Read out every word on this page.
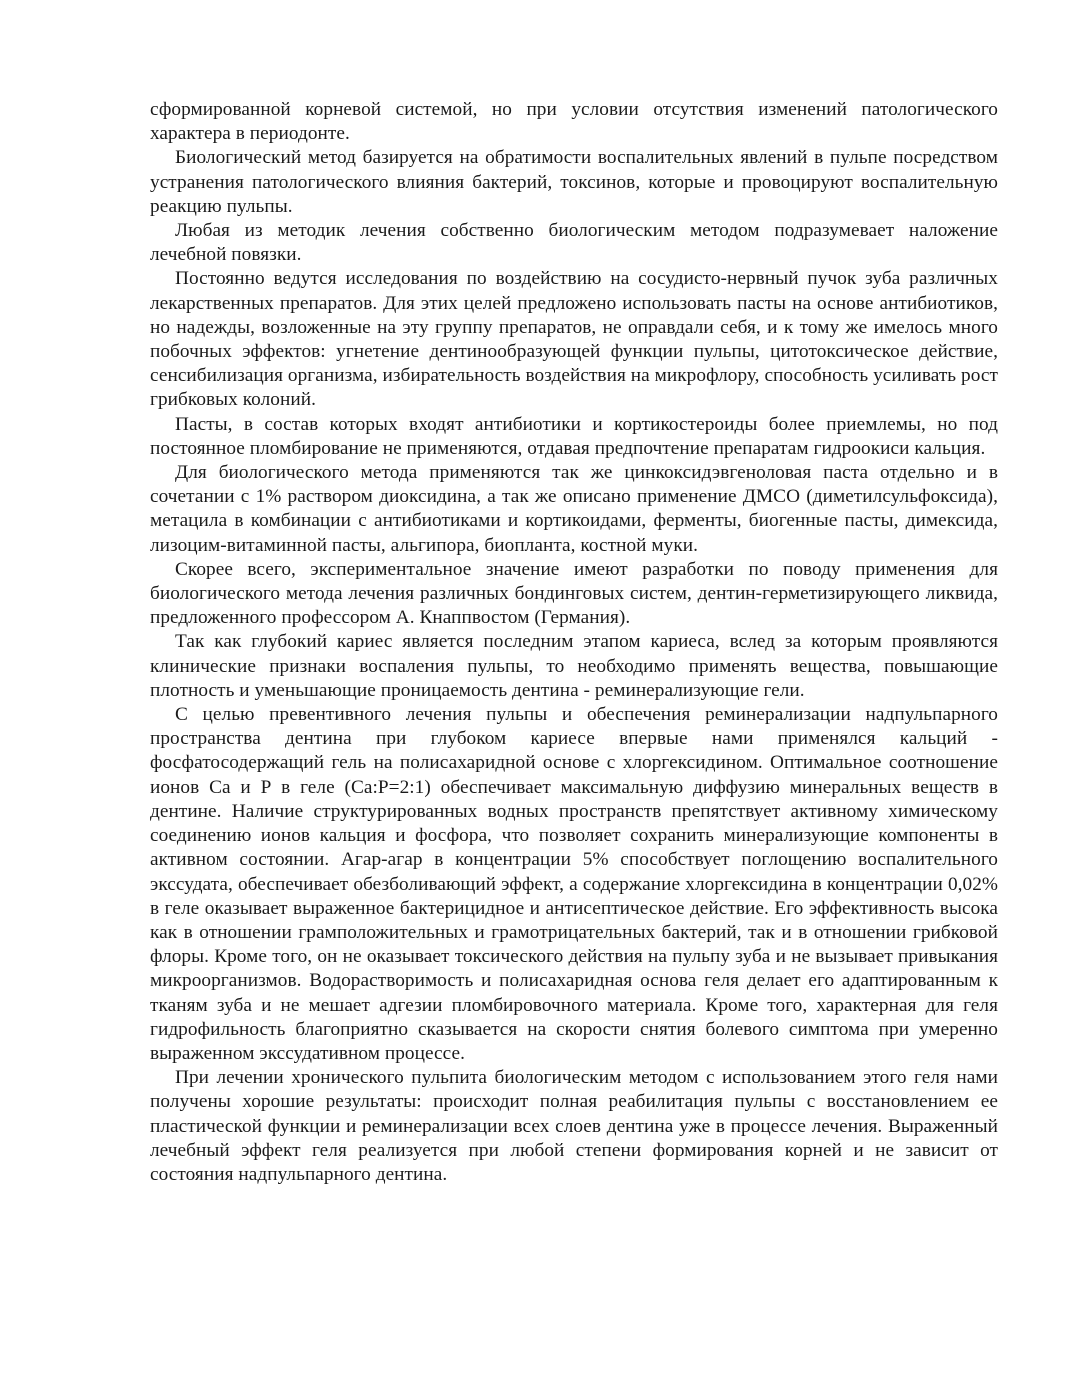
сформированной корневой системой, но при условии отсутствия изменений патологического характера в периодонте.

Биологический метод базируется на обратимости воспалительных явлений в пульпе посредством устранения патологического влияния бактерий, токсинов, которые и провоцируют воспалительную реакцию пульпы.

Любая из методик лечения собственно биологическим методом подразумевает наложение лечебной повязки.

Постоянно ведутся исследования по воздействию на сосудисто-нервный пучок зуба различных лекарственных препаратов. Для этих целей предложено использовать пасты на основе антибиотиков, но надежды, возложенные на эту группу препаратов, не оправдали себя, и к тому же имелось много побочных эффектов: угнетение дентинообразующей функции пульпы, цитотоксическое действие, сенсибилизация организма, избирательность воздействия на микрофлору, способность усиливать рост грибковых колоний.

Пасты, в состав которых входят антибиотики и кортикостероиды более приемлемы, но под постоянное пломбирование не применяются, отдавая предпочтение препаратам гидроокиси кальция.

Для биологического метода применяются так же цинкоксидэвгеноловая паста отдельно и в сочетании с 1% раствором диоксидина, а так же описано применение ДМСО (диметилсульфоксида), метацила в комбинации с антибиотиками и кортикоидами, ферменты, биогенные пасты, димексида, лизоцим-витаминной пасты, альгипора, биопланта, костной муки.

Скорее всего, экспериментальное значение имеют разработки по поводу применения для биологического метода лечения различных бондинговых систем, дентин-герметизирующего ликвида, предложенного профессором А. Кнаппвостом (Германия).

Так как глубокий кариес является последним этапом кариеса, вслед за которым проявляются клинические признаки воспаления пульпы, то необходимо применять вещества, повышающие плотность и уменьшающие проницаемость дентина - реминерализующие гели.

С целью превентивного лечения пульпы и обеспечения реминерализации надпульпарного пространства дентина при глубоком кариесе впервые нами применялся кальций - фосфатосодержащий гель на полисахаридной основе с хлоргексидином. Оптимальное соотношение ионов Са и Р в геле (Са:Р=2:1) обеспечивает максимальную диффузию минеральных веществ в дентине. Наличие структурированных водных пространств препятствует активному химическому соединению ионов кальция и фосфора, что позволяет сохранить минерализующие компоненты в активном состоянии. Агар-агар в концентрации 5% способствует поглощению воспалительного экссудата, обеспечивает обезболивающий эффект, а содержание хлоргексидина в концентрации 0,02% в геле оказывает выраженное бактерицидное и антисептическое действие. Его эффективность высока как в отношении грамположительных и грамотрицательных бактерий, так и в отношении грибковой флоры. Кроме того, он не оказывает токсического действия на пульпу зуба и не вызывает привыкания микроорганизмов. Водорастворимость и полисахаридная основа геля делает его адаптированным к тканям зуба и не мешает адгезии пломбировочного материала. Кроме того, характерная для геля гидрофильность благоприятно сказывается на скорости снятия болевого симптома при умеренно выраженном экссудативном процессе.

При лечении хронического пульпита биологическим методом с использованием этого геля нами получены хорошие результаты: происходит полная реабилитация пульпы с восстановлением ее пластической функции и реминерализации всех слоев дентина уже в процессе лечения. Выраженный лечебный эффект геля реализуется при любой степени формирования корней и не зависит от состояния надпульпарного дентина.
